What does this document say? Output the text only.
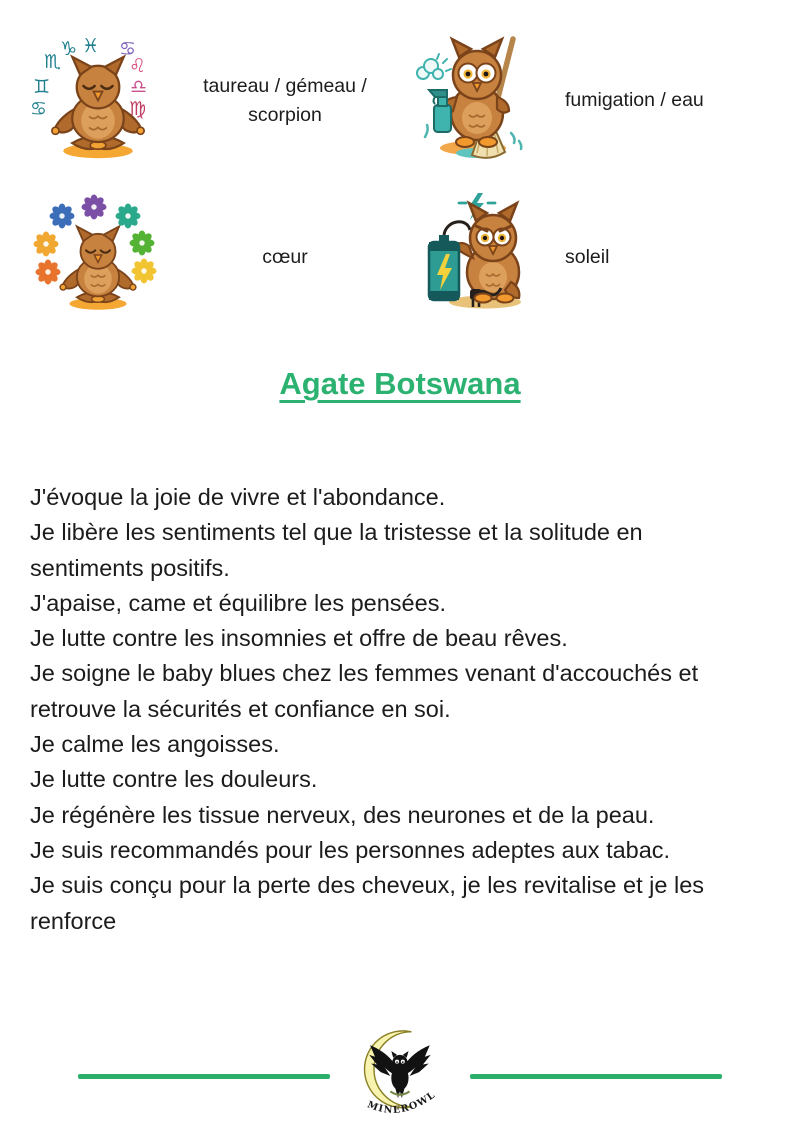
♏
♊
♋
♑ ♓ ♋
♌
♎
♍
taureau / gémeau / scorpion
fumigation / eau
cœur	soleil
Agate Botswana
J'évoque la joie de vivre et l'abondance.
Je libère les sentiments tel que la tristesse et la solitude en
sentiments positifs.
J'apaise, came et équilibre les pensées.
Je lutte contre les insomnies et offre de beau rêves.
Je soigne le baby blues chez les femmes venant d'accouchés et
retrouve la sécurités et confiance en soi.
Je calme les angoisses.
Je lutte contre les douleurs.
Je régénère les tissue nerveux, des neurones et de la peau.
Je suis recommandés pour les personnes adeptes aux tabac.
Je suis conçu pour la perte des cheveux, je les revitalise et je les
renforce
MINEROWL
